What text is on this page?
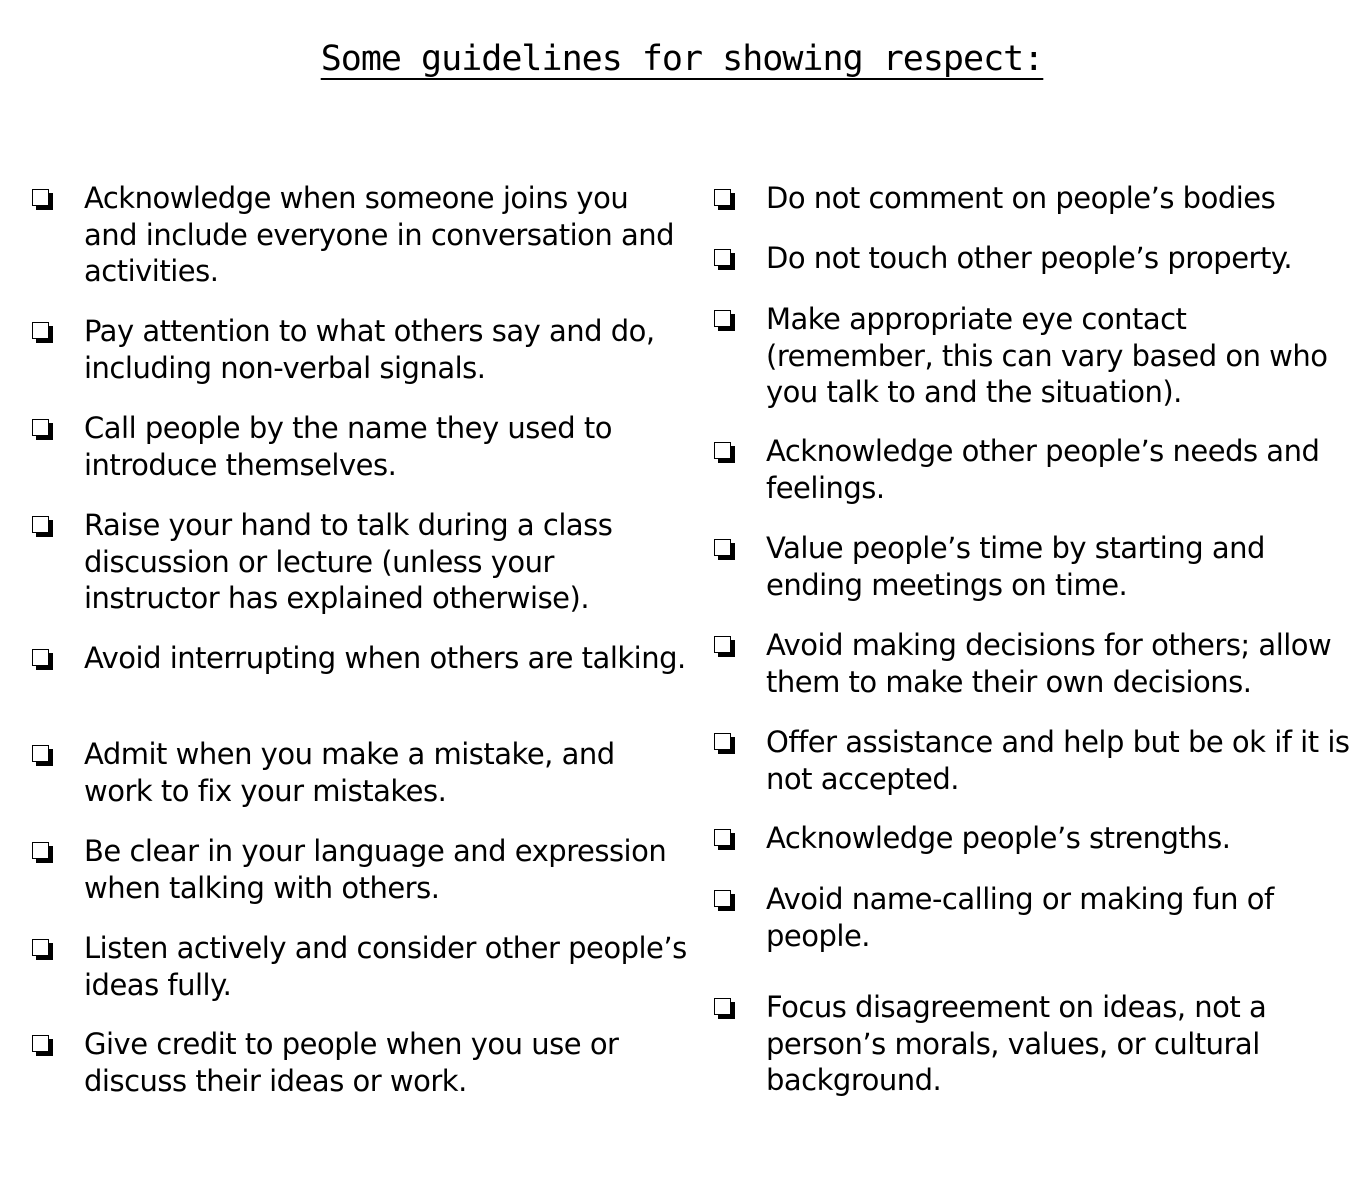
Some guidelines for showing respect:
Acknowledge when someone joins you and include everyone in conversation and activities.
Pay attention to what others say and do, including non-verbal signals.
Call people by the name they used to introduce themselves.
Raise your hand to talk during a class discussion or lecture (unless your instructor has explained otherwise).
Avoid interrupting when others are talking.
Admit when you make a mistake, and work to fix your mistakes.
Be clear in your language and expression when talking with others.
Listen actively and consider other people’s ideas fully.
Give credit to people when you use or discuss their ideas or work.
Do not comment on people’s bodies
Do not touch other people’s property.
Make appropriate eye contact (remember, this can vary based on who you talk to and the situation).
Acknowledge other people’s needs and feelings.
Value people’s time by starting and ending meetings on time.
Avoid making decisions for others; allow them to make their own decisions.
Offer assistance and help but be ok if it is not accepted.
Acknowledge people’s strengths.
Avoid name-calling or making fun of people.
Focus disagreement on ideas, not a person’s morals, values, or cultural background.
